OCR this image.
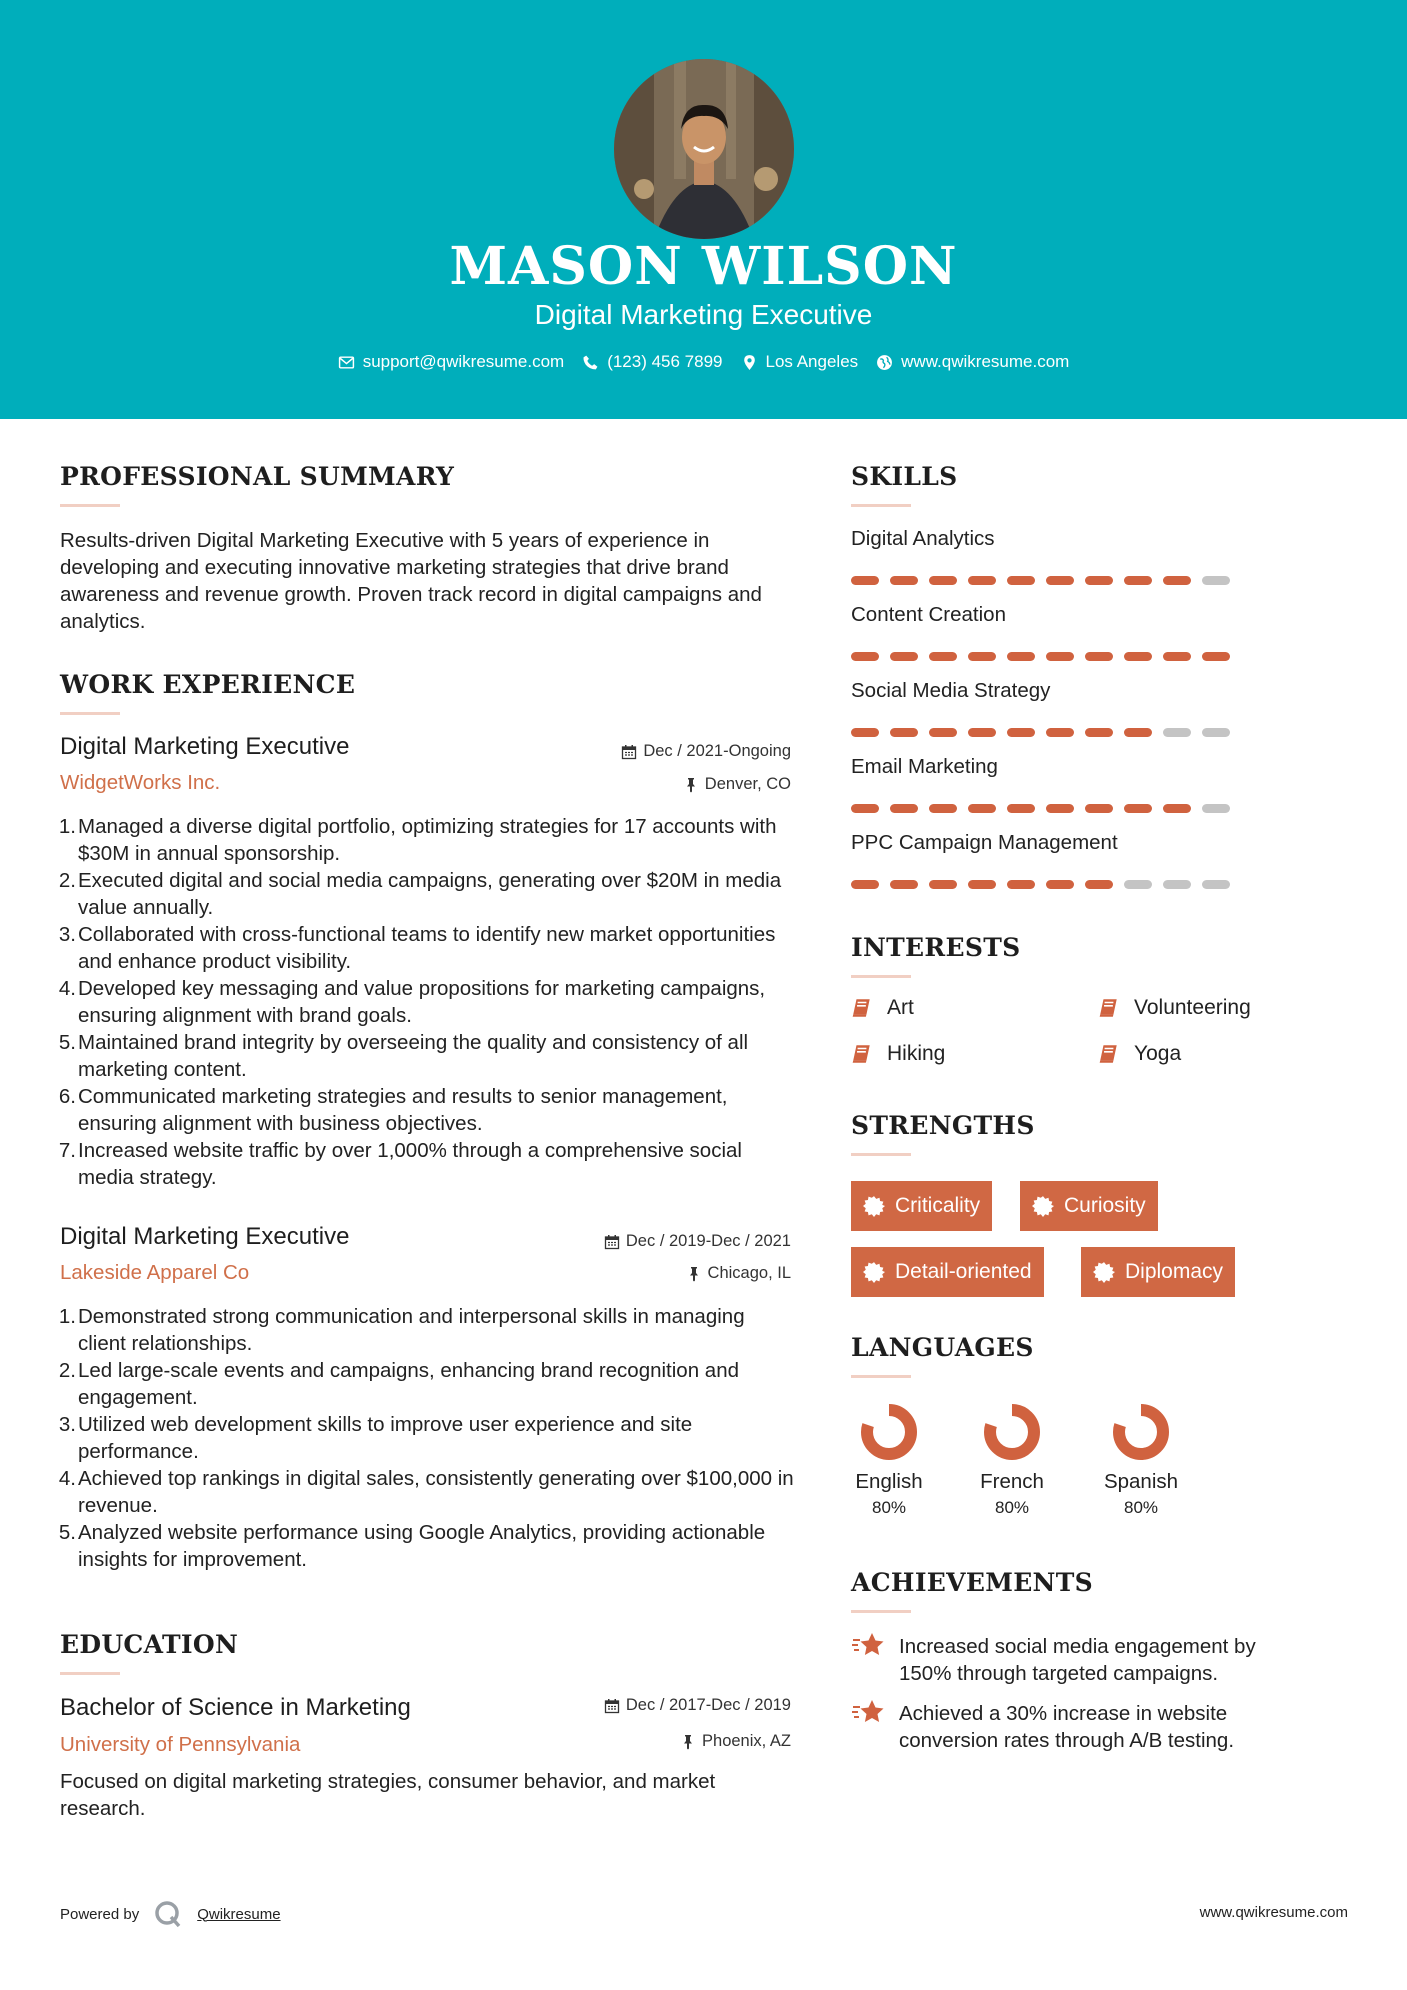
MASON WILSON
Digital Marketing Executive
support@qwikresume.com	(123) 456 7899	Los Angeles	www.qwikresume.com
PROFESSIONAL SUMMARY
Results-driven Digital Marketing Executive with 5 years of experience in developing and executing innovative marketing strategies that drive brand awareness and revenue growth. Proven track record in digital campaigns and analytics.
WORK EXPERIENCE
Digital Marketing Executive	Dec / 2021-Ongoing
WidgetWorks Inc.	Denver, CO
1 . Managed a diverse digital portfolio, optimizing strategies for 17 accounts with $30M in annual sponsorship.
2 . Executed digital and social media campaigns, generating over $20M in media value annually.
3 . Collaborated with cross-functional teams to identify new market opportunities and enhance product visibility.
4 . Developed key messaging and value propositions for marketing campaigns, ensuring alignment with brand goals.
5 . Maintained brand integrity by overseeing the quality and consistency of all marketing content.
6 . Communicated marketing strategies and results to senior management, ensuring alignment with business objectives.
7 . Increased website traffic by over 1,000% through a comprehensive social media strategy.
Digital Marketing Executive	Dec / 2019-Dec / 2021
Lakeside Apparel Co	Chicago, IL
1 . Demonstrated strong communication and interpersonal skills in managing client relationships.
2 . Led large-scale events and campaigns, enhancing brand recognition and engagement.
3 . Utilized web development skills to improve user experience and site performance.
4 . Achieved top rankings in digital sales, consistently generating over $100,000 in revenue.
5 . Analyzed website performance using Google Analytics, providing actionable insights for improvement.
EDUCATION
Bachelor of Science in Marketing	Dec / 2017-Dec / 2019
University of Pennsylvania	Phoenix, AZ
Focused on digital marketing strategies, consumer behavior, and market research.
SKILLS
Digital Analytics
Content Creation
Social Media Strategy
Email Marketing
PPC Campaign Management
INTERESTS
Art	Volunteering
Hiking	Yoga
STRENGTHS
Criticality	Curiosity
Detail-oriented	Diplomacy
LANGUAGES
English
80%
French
80%
Spanish
80%
ACHIEVEMENTS
Increased social media engagement by 150% through targeted campaigns.
Achieved a 30% increase in website conversion rates through A/B testing.
Powered by	Qwikresume	www.qwikresume.com
